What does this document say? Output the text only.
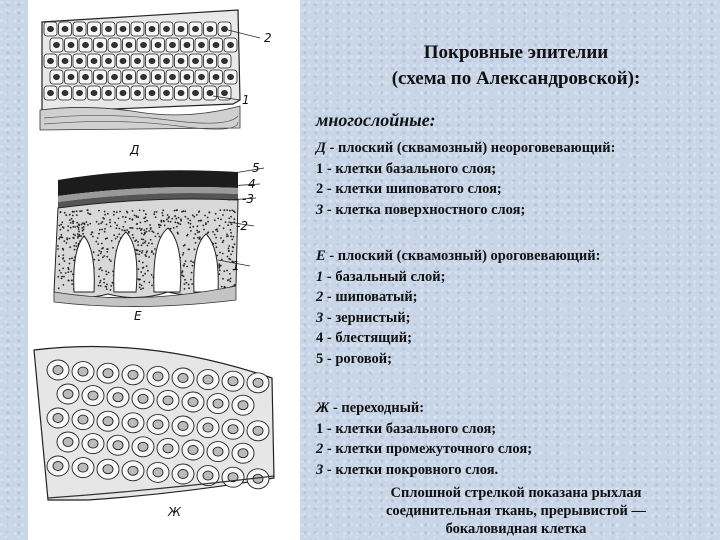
2
1
Д
5
4
-3
-2
1
Е
Ж
Покровные эпителии
(схема по Александровской):
многослойные:
Д - плоский (сквамозный) неороговевающий:
1 - клетки базального слоя;
2 - клетки шиповатого слоя;
3 - клетка поверхностного слоя;
Е - плоский (сквамозный) ороговевающий:
1 - базальный слой;
2 - шиповатый;
3 - зернистый;
4 - блестящий;
5 - роговой;
Ж - переходный:
1 - клетки базального слоя;
2 - клетки промежуточного слоя;
3 - клетки покровного слоя.
Сплошной стрелкой показана рыхлая
соединительная ткань, прерывистой —
бокаловидная клетка
